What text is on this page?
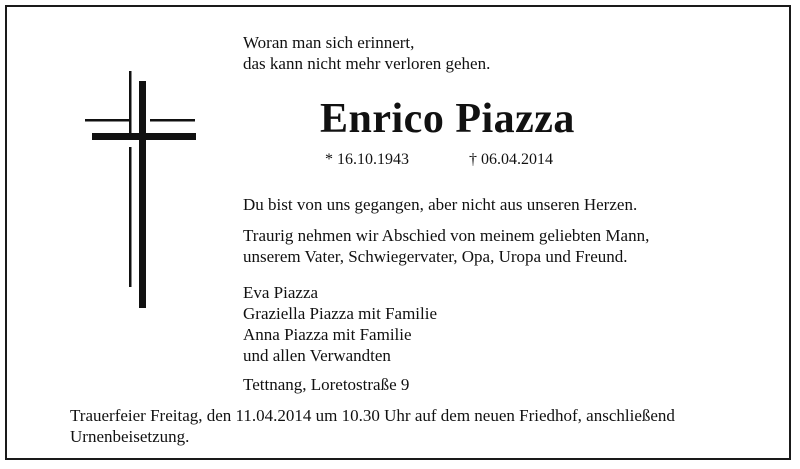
Woran man sich erinnert,
das kann nicht mehr verloren gehen.

Enrico Piazza
* 16.10.1943	† 06.04.2014

Du bist von uns gegangen, aber nicht aus unseren Herzen.

Traurig nehmen wir Abschied von meinem geliebten Mann,
unserem Vater, Schwiegervater, Opa, Uropa und Freund.

Eva Piazza
Graziella Piazza mit Familie
Anna Piazza mit Familie
und allen Verwandten

Tettnang, Loretostraße 9

Trauerfeier Freitag, den 11.04.2014 um 10.30 Uhr auf dem neuen Friedhof, anschließend
Urnenbeisetzung.
